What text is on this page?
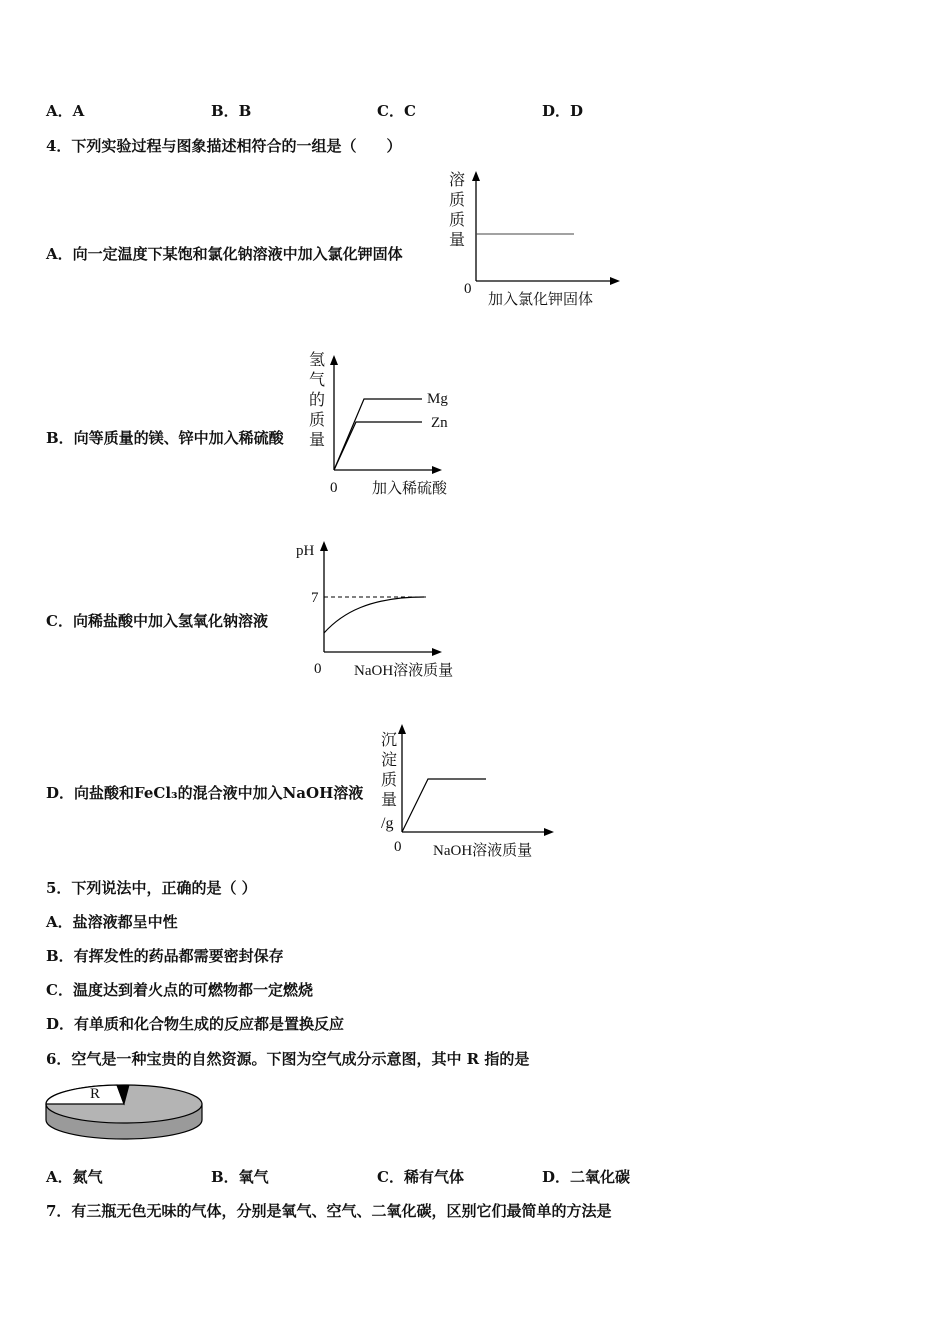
A．A	B．B	C．C	D．D
4．下列实验过程与图象描述相符合的一组是（　　）
A．向一定温度下某饱和氯化钠溶液中加入氯化钾固体
溶
质
质
量
0
加入氯化钾固体
B．向等质量的镁、锌中加入稀硫酸
氢
气
的
质
量
Mg
Zn
0 加入稀硫酸
C．向稀盐酸中加入氢氧化钠溶液
pH
7
0 NaOH溶液质量
D．向盐酸和FeCl₃的混合液中加入NaOH溶液
沉
淀
质
量
/g
0 NaOH溶液质量
5．下列说法中，正确的是（ ）
A．盐溶液都呈中性
B．有挥发性的药品都需要密封保存
C．温度达到着火点的可燃物都一定燃烧
D．有单质和化合物生成的反应都是置换反应
6．空气是一种宝贵的自然资源。下图为空气成分示意图，其中 R 指的是
R
A．氮气	B．氧气	C．稀有气体	D．二氧化碳
7．有三瓶无色无味的气体，分别是氧气、空气、二氧化碳，区别它们最简单的方法是
